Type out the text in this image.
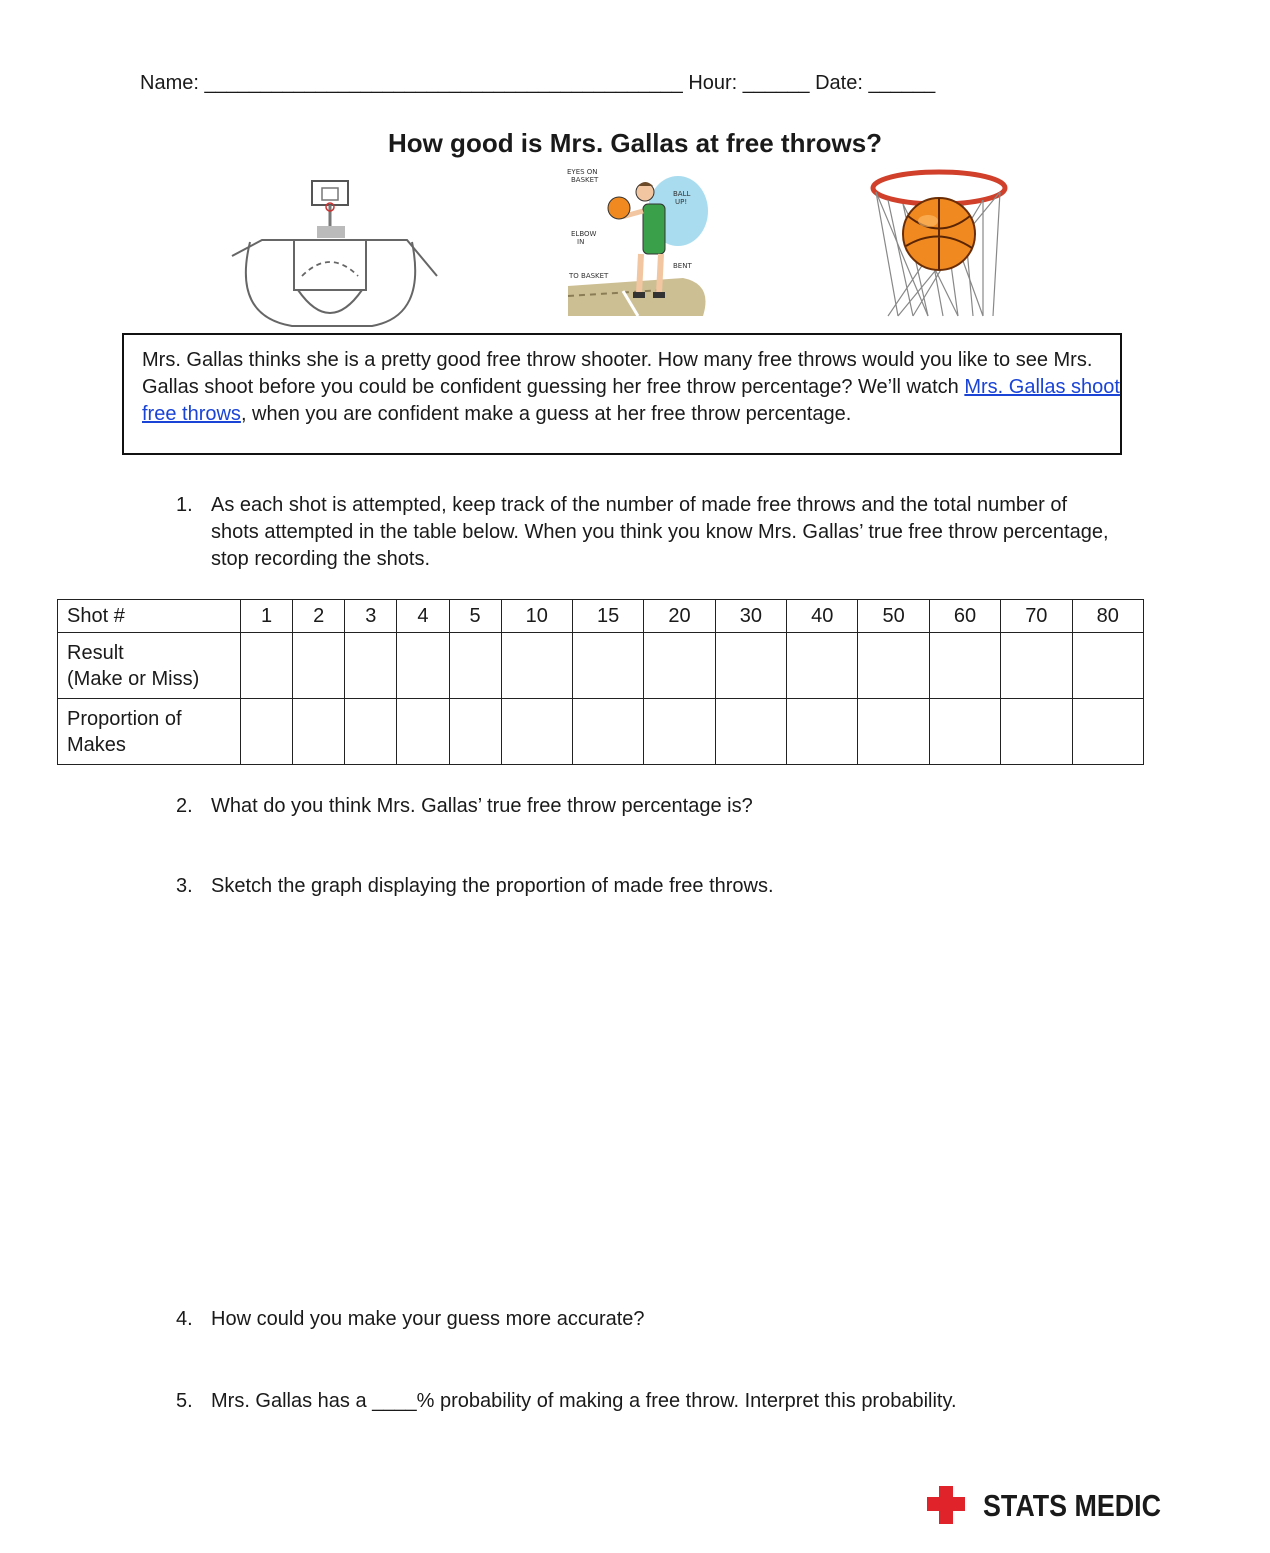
Name: ___________________________________________ Hour: ______ Date: ______
How good is Mrs. Gallas at free throws?
EYES ON
BASKET
BALL
UP!
ELBOW
IN
BENT
TO BASKET
Mrs. Gallas thinks she is a pretty good free throw shooter. How many free throws would you like to see Mrs. Gallas shoot before you could be confident guessing her free throw percentage? We’ll watch Mrs. Gallas shoot free throws, when you are confident make a guess at her free throw percentage.
1. As each shot is attempted, keep track of the number of made free throws and the total number of shots attempted in the table below. When you think you know Mrs. Gallas’ true free throw percentage, stop recording the shots.
Shot #	1	2	3	4	5	10	15	20	30	40	50	60	70	80
Result
(Make or Miss)														
Proportion of
Makes														
2. What do you think Mrs. Gallas’ true free throw percentage is?
3. Sketch the graph displaying the proportion of made free throws.
4. How could you make your guess more accurate?
5. Mrs. Gallas has a ____% probability of making a free throw. Interpret this probability.
STATS MEDIC
